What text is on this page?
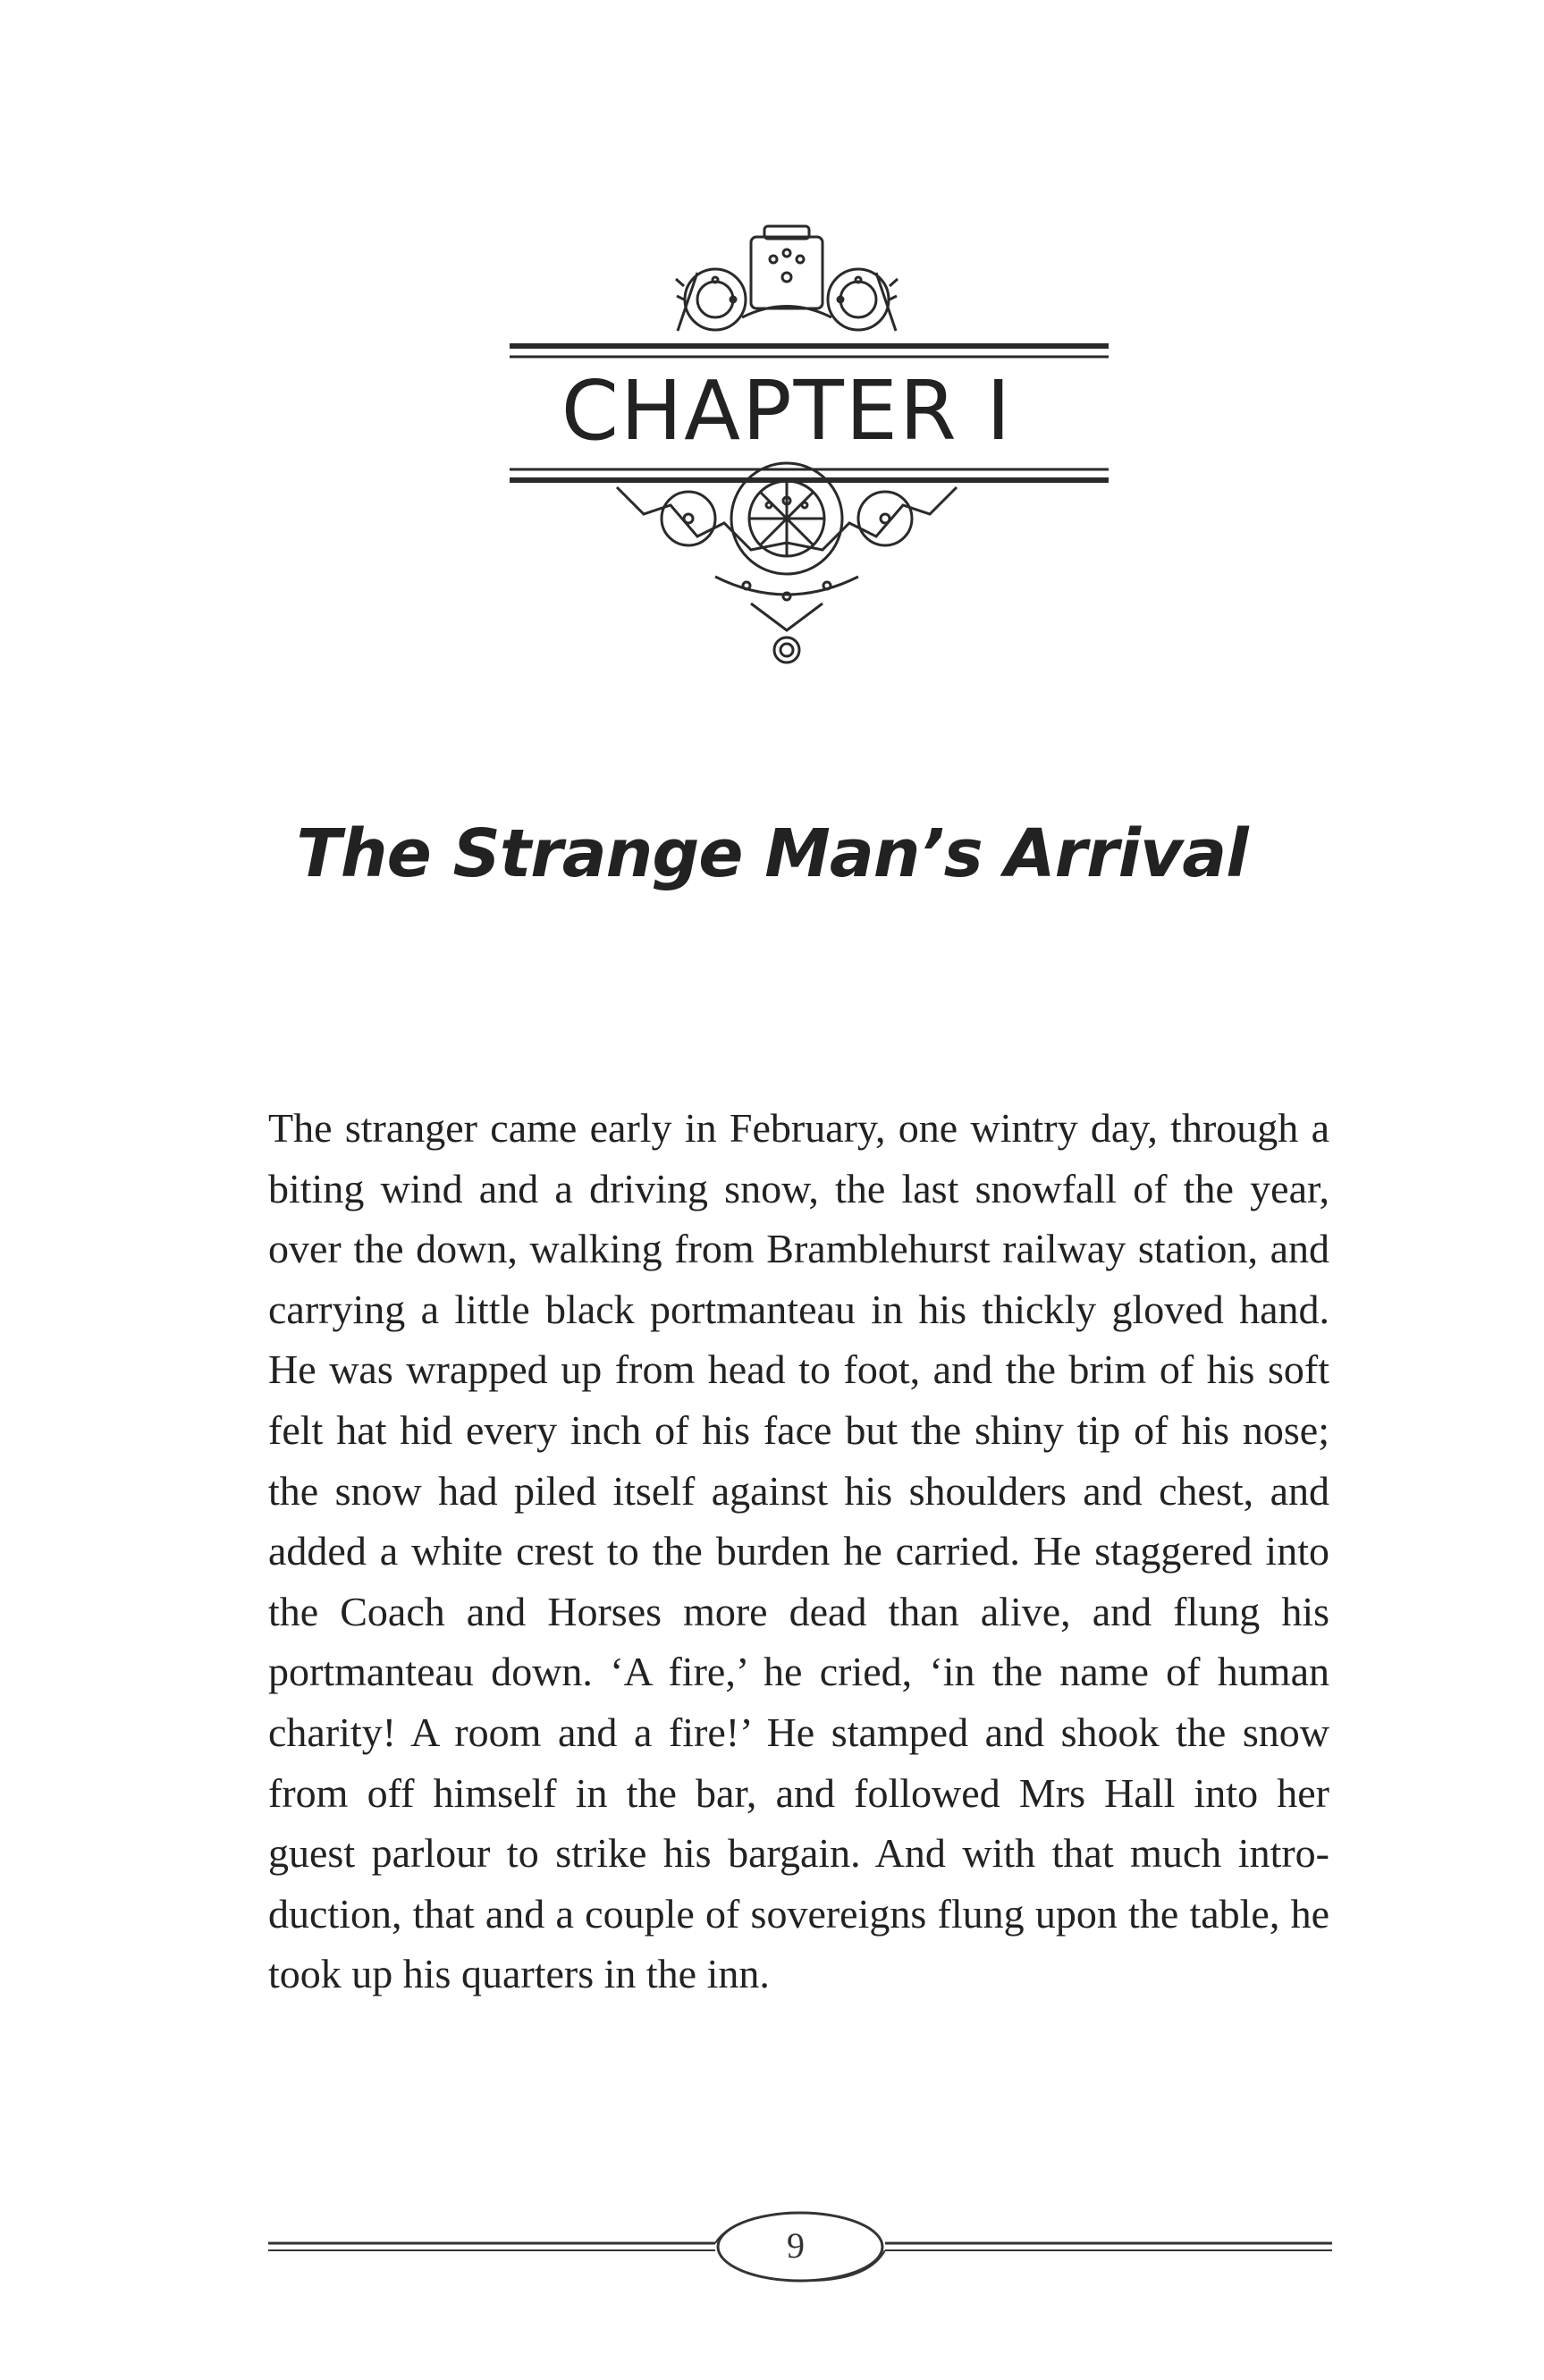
CHAPTER I
The Strange Man’s Arrival

The stranger came early in February, one wintry day, through a biting wind and a driving snow, the last snowfall of the year, over the down, walking from Bramblehurst railway station, and carrying a little black portmanteau in his thickly gloved hand. He was wrapped up from head to foot, and the brim of his soft felt hat hid every inch of his face but the shiny tip of his nose; the snow had piled itself against his shoulders and chest, and added a white crest to the burden he carried. He staggered into the Coach and Horses more dead than alive, and flung his portmanteau down. ‘A fire,’ he cried, ‘in the name of human charity! A room and a fire!’ He stamped and shook the snow from off himself in the bar, and followed Mrs Hall into her guest parlour to strike his bargain. And with that much intro-duction, that and a couple of sovereigns flung upon the table, he took up his quarters in the inn.

9
